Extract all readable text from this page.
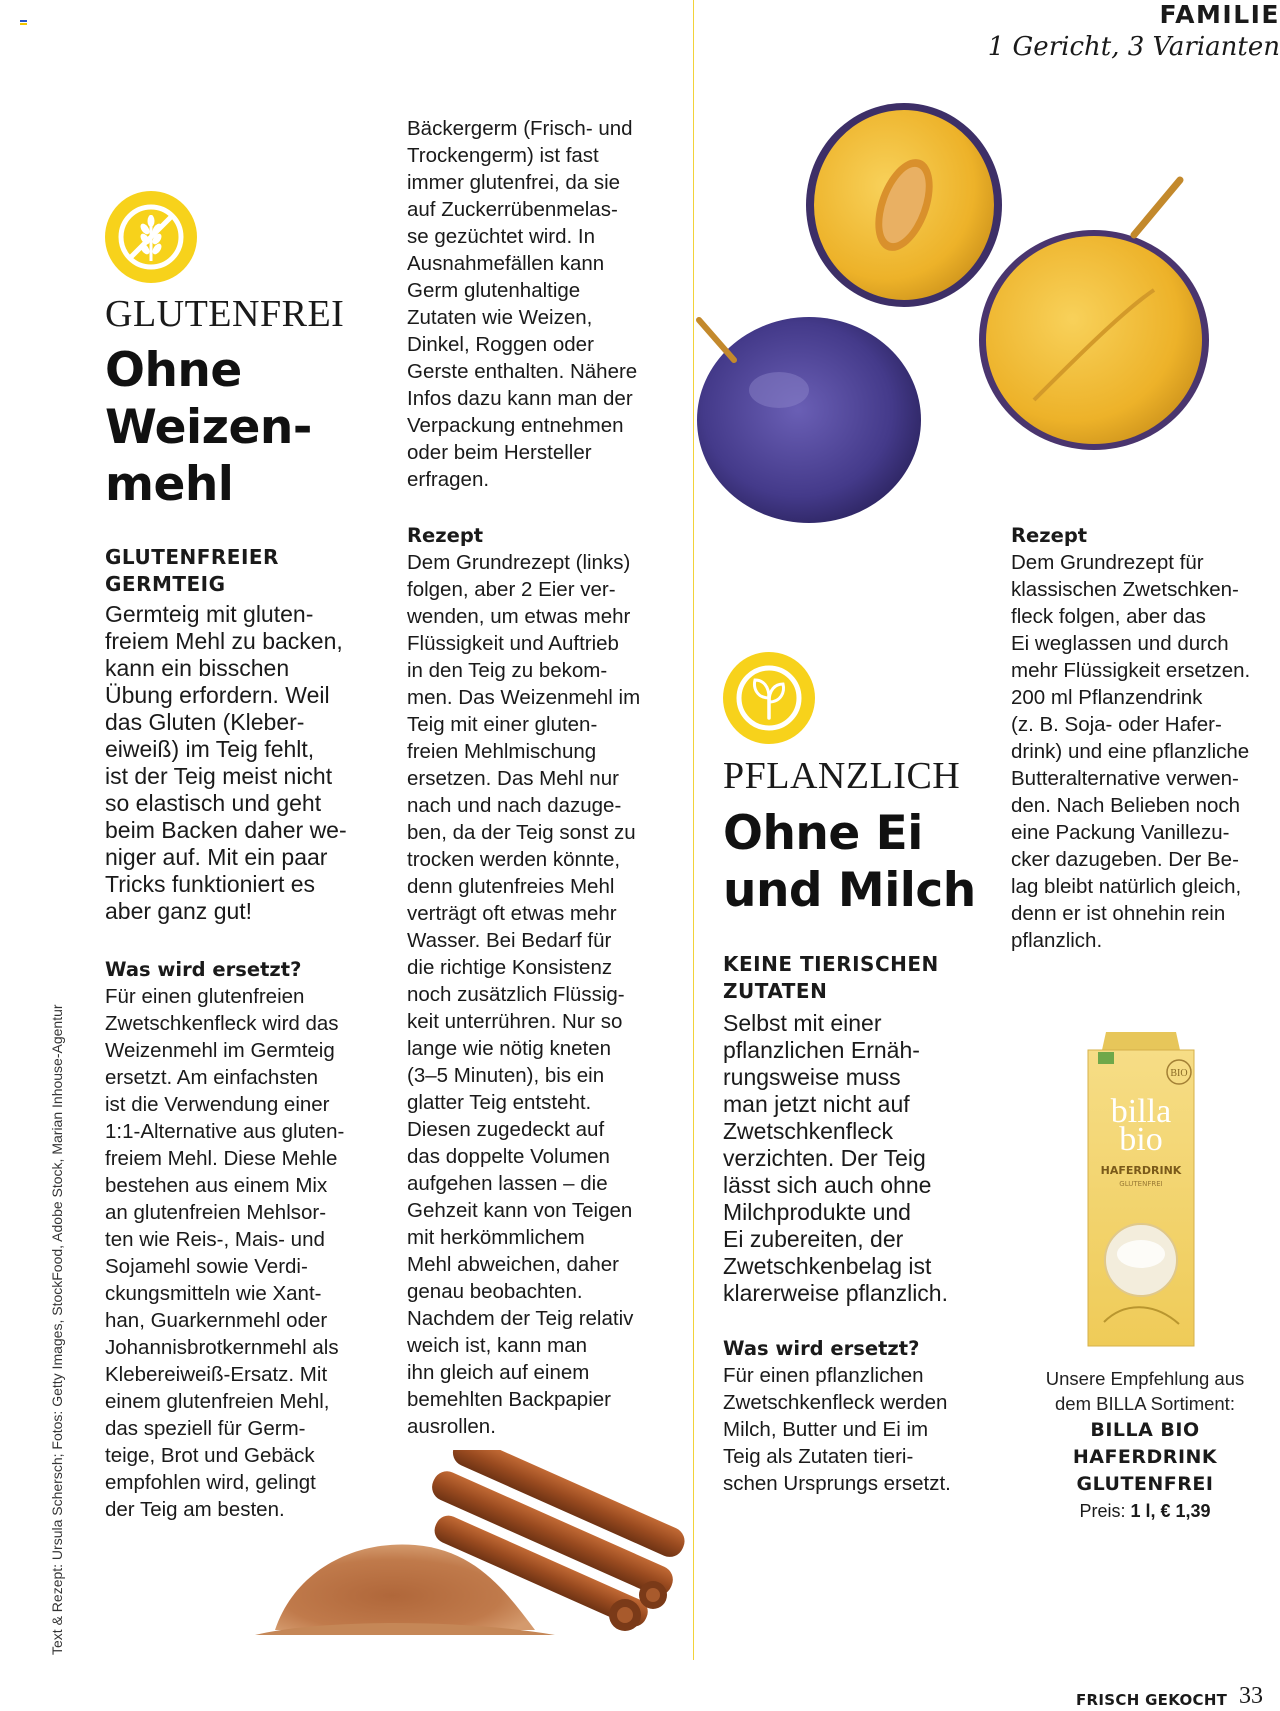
FAMILIE
1 Gericht, 3 Varianten
Text & Rezept: Ursula Schersch; Fotos: Getty Images, StockFood, Adobe Stock, Marian Inhouse-Agentur
GLUTENFREI
Ohne
Weizen-
mehl
GLUTENFREIER
GERMTEIG
Germteig mit gluten-
freiem Mehl zu backen,
kann ein bisschen
Übung erfordern. Weil
das Gluten (Kleber-
eiweiß) im Teig fehlt,
ist der Teig meist nicht
so elastisch und geht
beim Backen daher we-
niger auf. Mit ein paar
Tricks funktioniert es
aber ganz gut!
Was wird ersetzt?
Für einen glutenfreien
Zwetschkenfleck wird das
Weizenmehl im Germteig
ersetzt. Am einfachsten
ist die Verwendung einer
1:1-Alternative aus gluten-
freiem Mehl. Diese Mehle
bestehen aus einem Mix
an glutenfreien Mehlsor-
ten wie Reis-, Mais- und
Sojamehl sowie Verdi-
ckungsmitteln wie Xant-
han, Guarkernmehl oder
Johannisbrotkernmehl als
Klebereiweiß-Ersatz. Mit
einem glutenfreien Mehl,
das speziell für Germ-
teige, Brot und Gebäck
empfohlen wird, gelingt
der Teig am besten.
Bäckergerm (Frisch- und
Trockengerm) ist fast
immer glutenfrei, da sie
auf Zuckerrübenmelas-
se gezüchtet wird. In
Ausnahmefällen kann
Germ glutenhaltige
Zutaten wie Weizen,
Dinkel, Roggen oder
Gerste enthalten. Nähere
Infos dazu kann man der
Verpackung entnehmen
oder beim Hersteller
erfragen.
Rezept
Dem Grundrezept (links)
folgen, aber 2 Eier ver-
wenden, um etwas mehr
Flüssigkeit und Auftrieb
in den Teig zu bekom-
men. Das Weizenmehl im
Teig mit einer gluten-
freien Mehlmischung
ersetzen. Das Mehl nur
nach und nach dazuge-
ben, da der Teig sonst zu
trocken werden könnte,
denn glutenfreies Mehl
verträgt oft etwas mehr
Wasser. Bei Bedarf für
die richtige Konsistenz
noch zusätzlich Flüssig-
keit unterrühren. Nur so
lange wie nötig kneten
(3–5 Minuten), bis ein
glatter Teig entsteht.
Diesen zugedeckt auf
das doppelte Volumen
aufgehen lassen – die
Gehzeit kann von Teigen
mit herkömmlichem
Mehl abweichen, daher
genau beobachten.
Nachdem der Teig relativ
weich ist, kann man
ihn gleich auf einem
bemehlten Backpapier
ausrollen.
PFLANZLICH
Ohne Ei
und Milch
KEINE TIERISCHEN
ZUTATEN
Selbst mit einer
pflanzlichen Ernäh-
rungsweise muss
man jetzt nicht auf
Zwetschkenfleck
verzichten. Der Teig
lässt sich auch ohne
Milchprodukte und
Ei zubereiten, der
Zwetschkenbelag ist
klarerweise pflanzlich.
Was wird ersetzt?
Für einen pflanzlichen
Zwetschkenfleck werden
Milch, Butter und Ei im
Teig als Zutaten tieri-
schen Ursprungs ersetzt.
Rezept
Dem Grundrezept für
klassischen Zwetschken-
fleck folgen, aber das
Ei weglassen und durch
mehr Flüssigkeit ersetzen.
200 ml Pflanzendrink
(z. B. Soja- oder Hafer-
drink) und eine pflanzliche
Butteralternative verwen-
den. Nach Belieben noch
eine Packung Vanillezu-
cker dazugeben. Der Be-
lag bleibt natürlich gleich,
denn er ist ohnehin rein
pflanzlich.
BIO
billa
bio
HAFERDRINK
GLUTENFREI
Unsere Empfehlung aus
dem BILLA Sortiment:
BILLA BIO
HAFERDRINK GLUTENFREI
Preis: 1 l, € 1,39
FRISCH GEKOCHT 33
